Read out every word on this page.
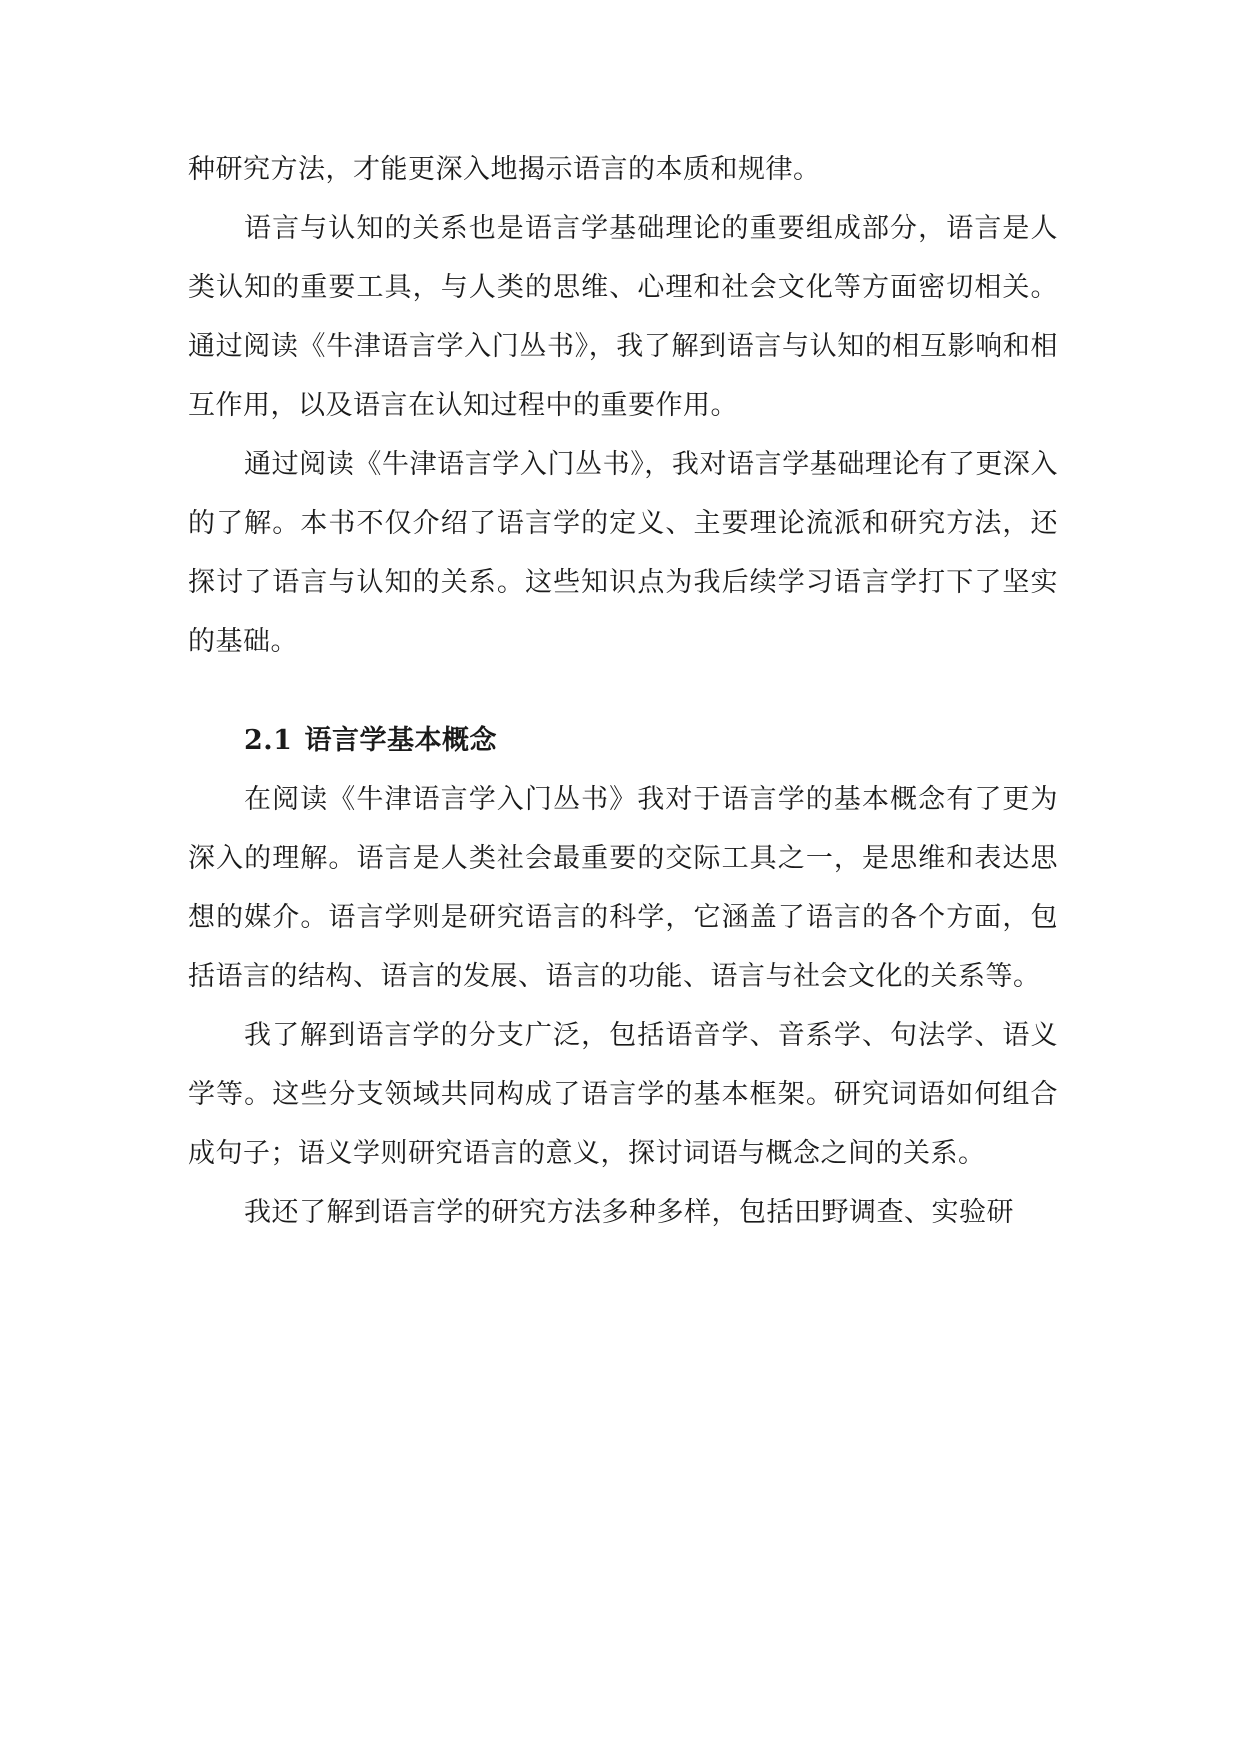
种研究方法，才能更深入地揭示语言的本质和规律。

语言与认知的关系也是语言学基础理论的重要组成部分，语言是人类认知的重要工具，与人类的思维、心理和社会文化等方面密切相关。通过阅读《牛津语言学入门丛书》，我了解到语言与认知的相互影响和相互作用，以及语言在认知过程中的重要作用。

通过阅读《牛津语言学入门丛书》，我对语言学基础理论有了更深入的了解。本书不仅介绍了语言学的定义、主要理论流派和研究方法，还探讨了语言与认知的关系。这些知识点为我后续学习语言学打下了坚实的基础。

2.1 语言学基本概念

在阅读《牛津语言学入门丛书》我对于语言学的基本概念有了更为深入的理解。语言是人类社会最重要的交际工具之一，是思维和表达思想的媒介。语言学则是研究语言的科学，它涵盖了语言的各个方面，包括语言的结构、语言的发展、语言的功能、语言与社会文化的关系等。

我了解到语言学的分支广泛，包括语音学、音系学、句法学、语义学等。这些分支领域共同构成了语言学的基本框架。研究词语如何组合成句子；语义学则研究语言的意义，探讨词语与概念之间的关系。

我还了解到语言学的研究方法多种多样，包括田野调查、实验研
